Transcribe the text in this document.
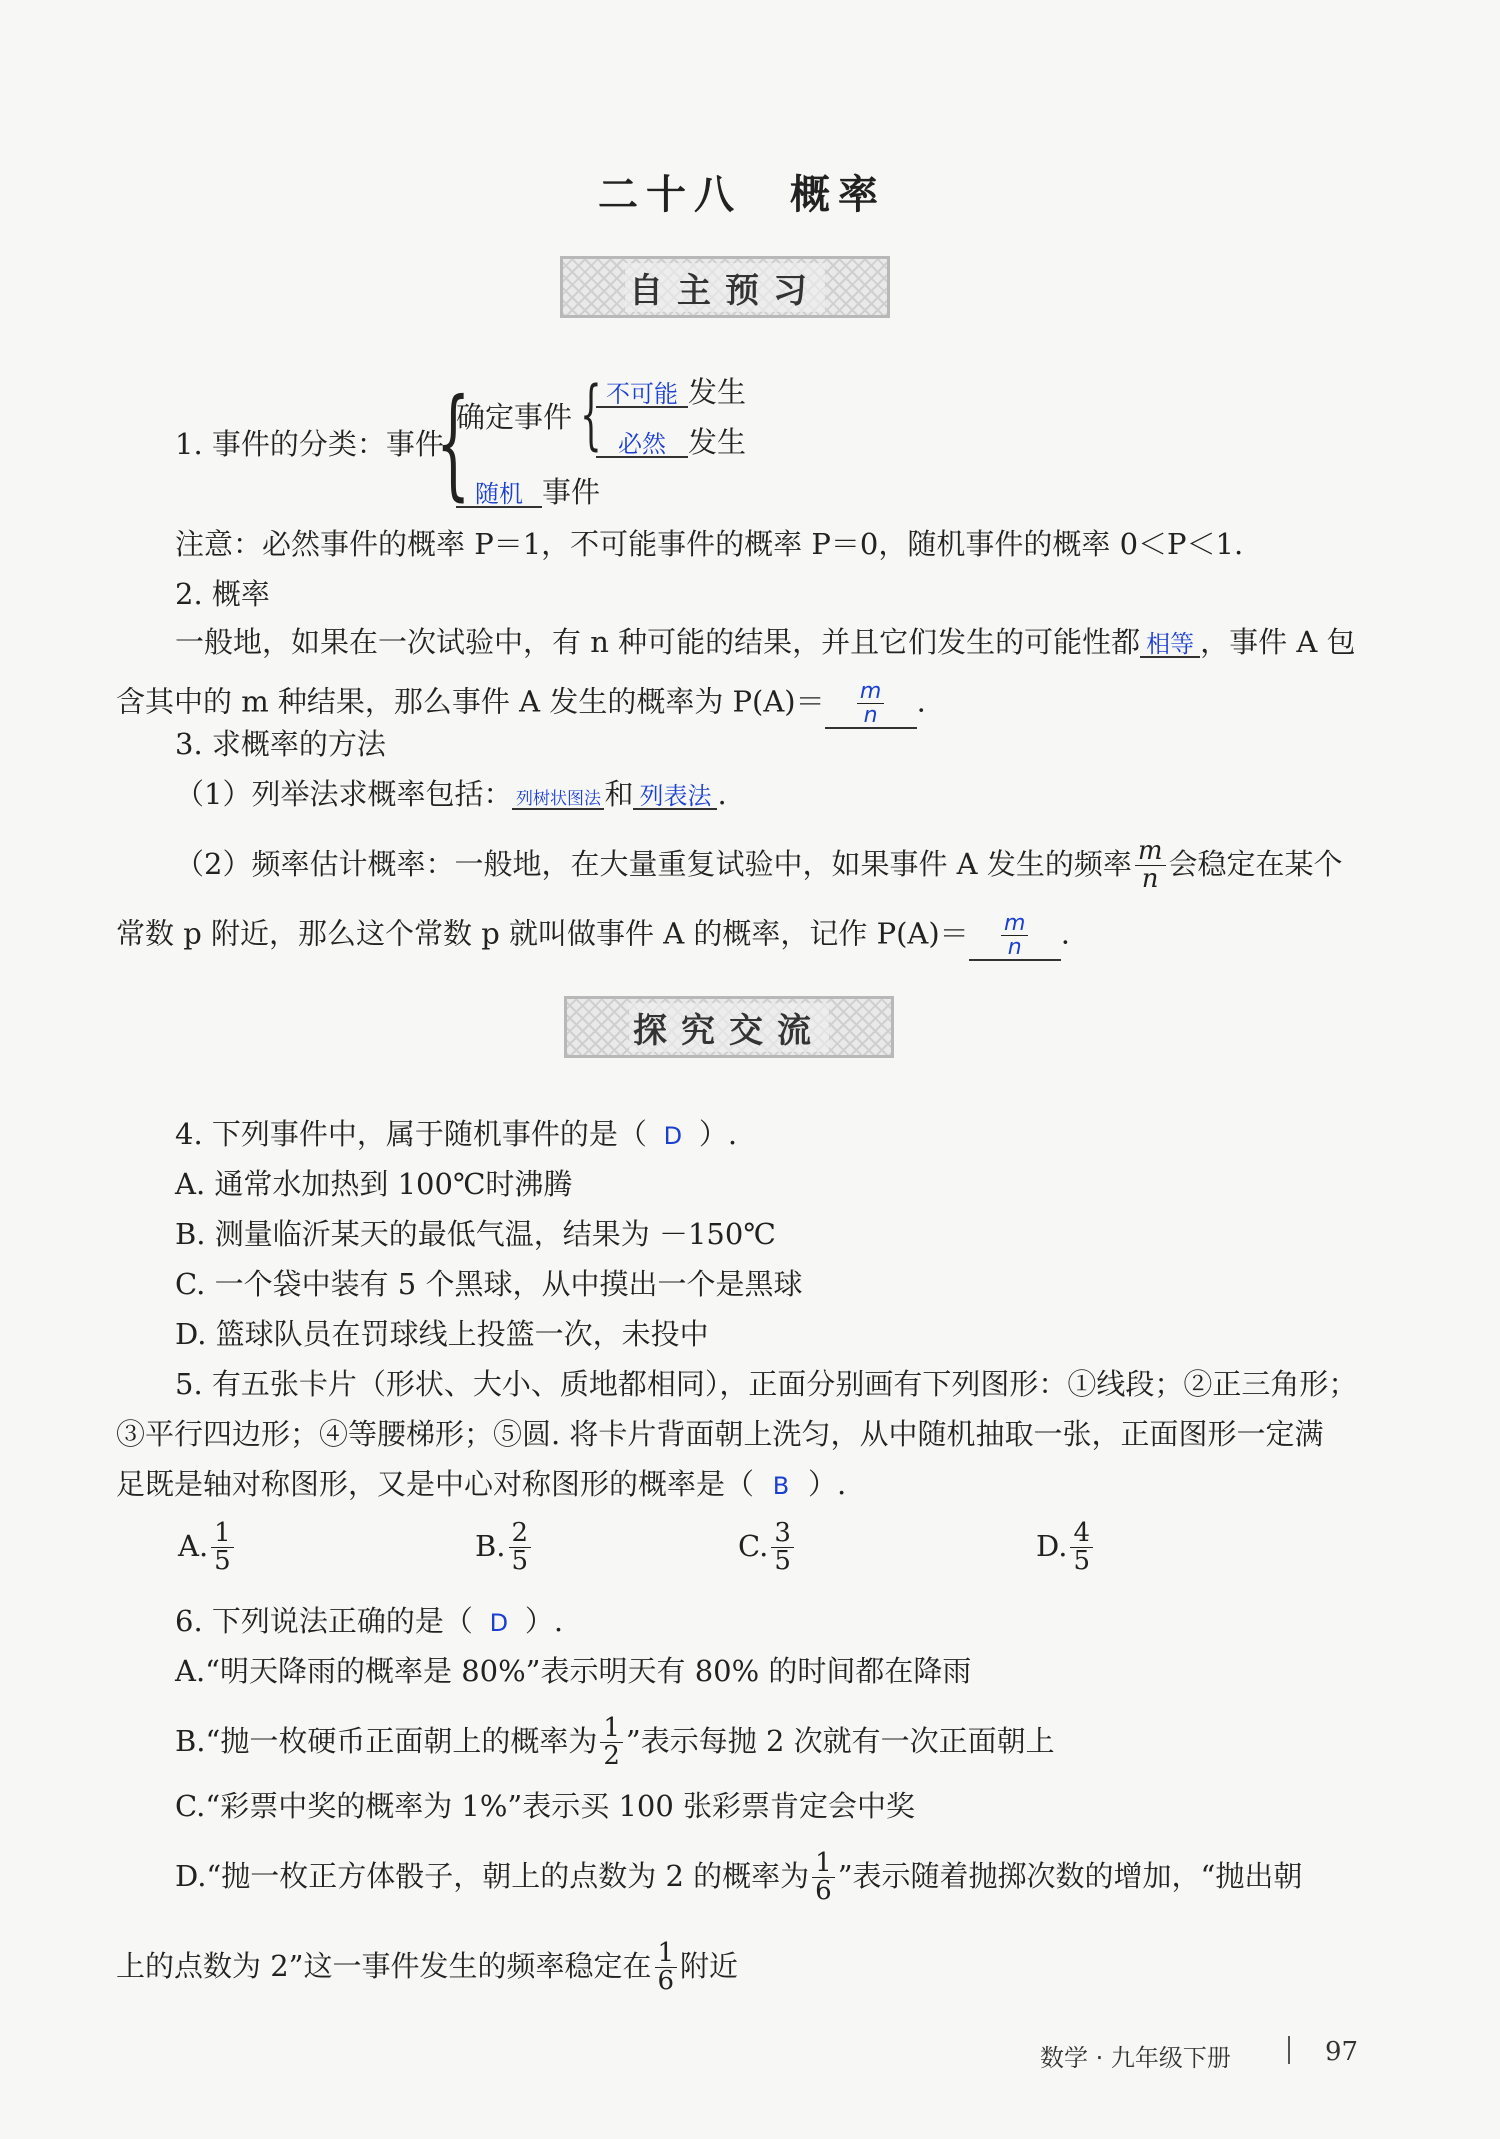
二十八　概率
自主预习
1. 事件的分类：事件
{
确定事件 { 不可能 发生
必然 发生
随机 事件
注意：必然事件的概率 P＝1，不可能事件的概率 P＝0，随机事件的概率 0＜P＜1.
2. 概率
一般地，如果在一次试验中，有 n 种可能的结果，并且它们发生的可能性都 相等 ，事件 A 包
含其中的 m 种结果，那么事件 A 发生的概率为 $P(A)= \frac{m}{n}$ .
3. 求概率的方法
（1）列举法求概率包括： 列树状图法 和 列表法 .
（2）频率估计概率：一般地，在大量重复试验中，如果事件 A 发生的频率 $\frac{m}{n}$ 会稳定在某个
常数 p 附近，那么这个常数 p 就叫做事件 A 的概率，记作 $P(A)= \frac{m}{n}$ .
探究交流
4. 下列事件中，属于随机事件的是（ D ）.
A. 通常水加热到 100℃时沸腾
B. 测量临沂某天的最低气温，结果为 －150℃
C. 一个袋中装有 5 个黑球，从中摸出一个是黑球
D. 篮球队员在罚球线上投篮一次，未投中
5. 有五张卡片（形状、大小、质地都相同），正面分别画有下列图形：①线段；②正三角形；
③平行四边形；④等腰梯形；⑤圆. 将卡片背面朝上洗匀，从中随机抽取一张，正面图形一定满
足既是轴对称图形，又是中心对称图形的概率是（ B ）.
A. $\frac{1}{5}$	B. $\frac{2}{5}$	C. $\frac{3}{5}$	D. $\frac{4}{5}$
6. 下列说法正确的是（ D ）.
A.“明天降雨的概率是 80%”表示明天有 80% 的时间都在降雨
B.“抛一枚硬币正面朝上的概率为 $\frac{1}{2}$ ”表示每抛 2 次就有一次正面朝上
C.“彩票中奖的概率为 1%”表示买 100 张彩票肯定会中奖
D.“抛一枚正方体骰子，朝上的点数为 2 的概率为 $\frac{1}{6}$ ”表示随着抛掷次数的增加，“抛出朝
上的点数为 2”这一事件发生的频率稳定在 $\frac{1}{6}$ 附近
数学 · 九年级下册	97
